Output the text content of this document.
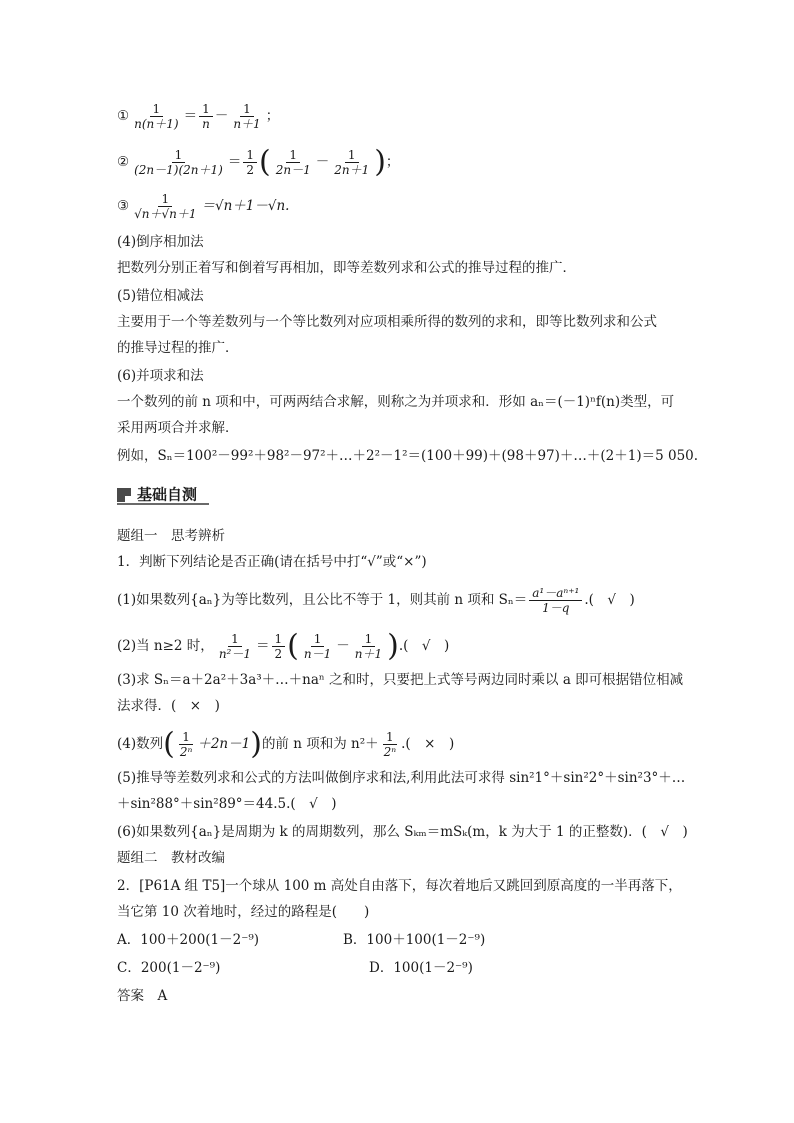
① $\frac{1}{n(n+1)} = \frac{1}{n} - \frac{1}{n+1}$ ；
② $\frac{1}{(2n-1)(2n+1)} = \frac{1}{2}$ ( $\frac{1}{2n-1} - \frac{1}{2n+1}$ )；
③ $\frac{1}{√n+√n+1} =√n+1-√n$.
(4)倒序相加法
把数列分别正着写和倒着写再相加，即等差数列求和公式的推导过程的推广．
(5)错位相减法
主要用于一个等差数列与一个等比数列对应项相乘所得的数列的求和，即等比数列求和公式
的推导过程的推广．
(6)并项求和法
一个数列的前 n 项和中，可两两结合求解，则称之为并项求和．形如 aₙ＝(－1)ⁿf(n)类型，可
采用两项合并求解．
例如，Sₙ＝100²－99²＋98²－97²＋…＋2²－1²＝(100＋99)＋(98＋97)＋…＋(2＋1)＝5 050.
基础自测
题组一　思考辨析
1．判断下列结论是否正确(请在括号中打“√”或“×”)
(1)如果数列{aₙ}为等比数列，且公比不等于 1，则其前 n 项和 $S_n= \frac{\text{a¹－aⁿ⁺¹}}{1-q}$ .(　√　)
(2)当 n≥2 时， $\frac{1}{\text{n²－1}} = \frac{1}{2}$ ( $\frac{1}{n-1} - \frac{1}{n+1}$ ).(　√　)
(3)求 Sₙ＝a＋2a²＋3a³＋…＋naⁿ 之和时，只要把上式等号两边同时乘以 a 即可根据错位相减
法求得．(　×　)
(4)数列( $\frac{1}{\text{2ⁿ}} +2n-1$)的前 n 项和为 $n^2+ \frac{1}{\text{2ⁿ}}$ .(　×　)
(5)推导等差数列求和公式的方法叫做倒序求和法,利用此法可求得 sin²1°＋sin²2°＋sin²3°＋…
＋sin²88°＋sin²89°＝44.5.(　√　)
(6)如果数列{aₙ}是周期为 k 的周期数列，那么 Sₖₘ＝mSₖ(m，k 为大于 1 的正整数)．(　√　)
题组二　教材改编
2．[P61A 组 T5]一个球从 100 m 高处自由落下，每次着地后又跳回到原高度的一半再落下，
当它第 10 次着地时，经过的路程是(　　)
A．100＋200(1－2⁻⁹)	B．100＋100(1－2⁻⁹)
C．200(1－2⁻⁹)	D．100(1－2⁻⁹)
答案　A
